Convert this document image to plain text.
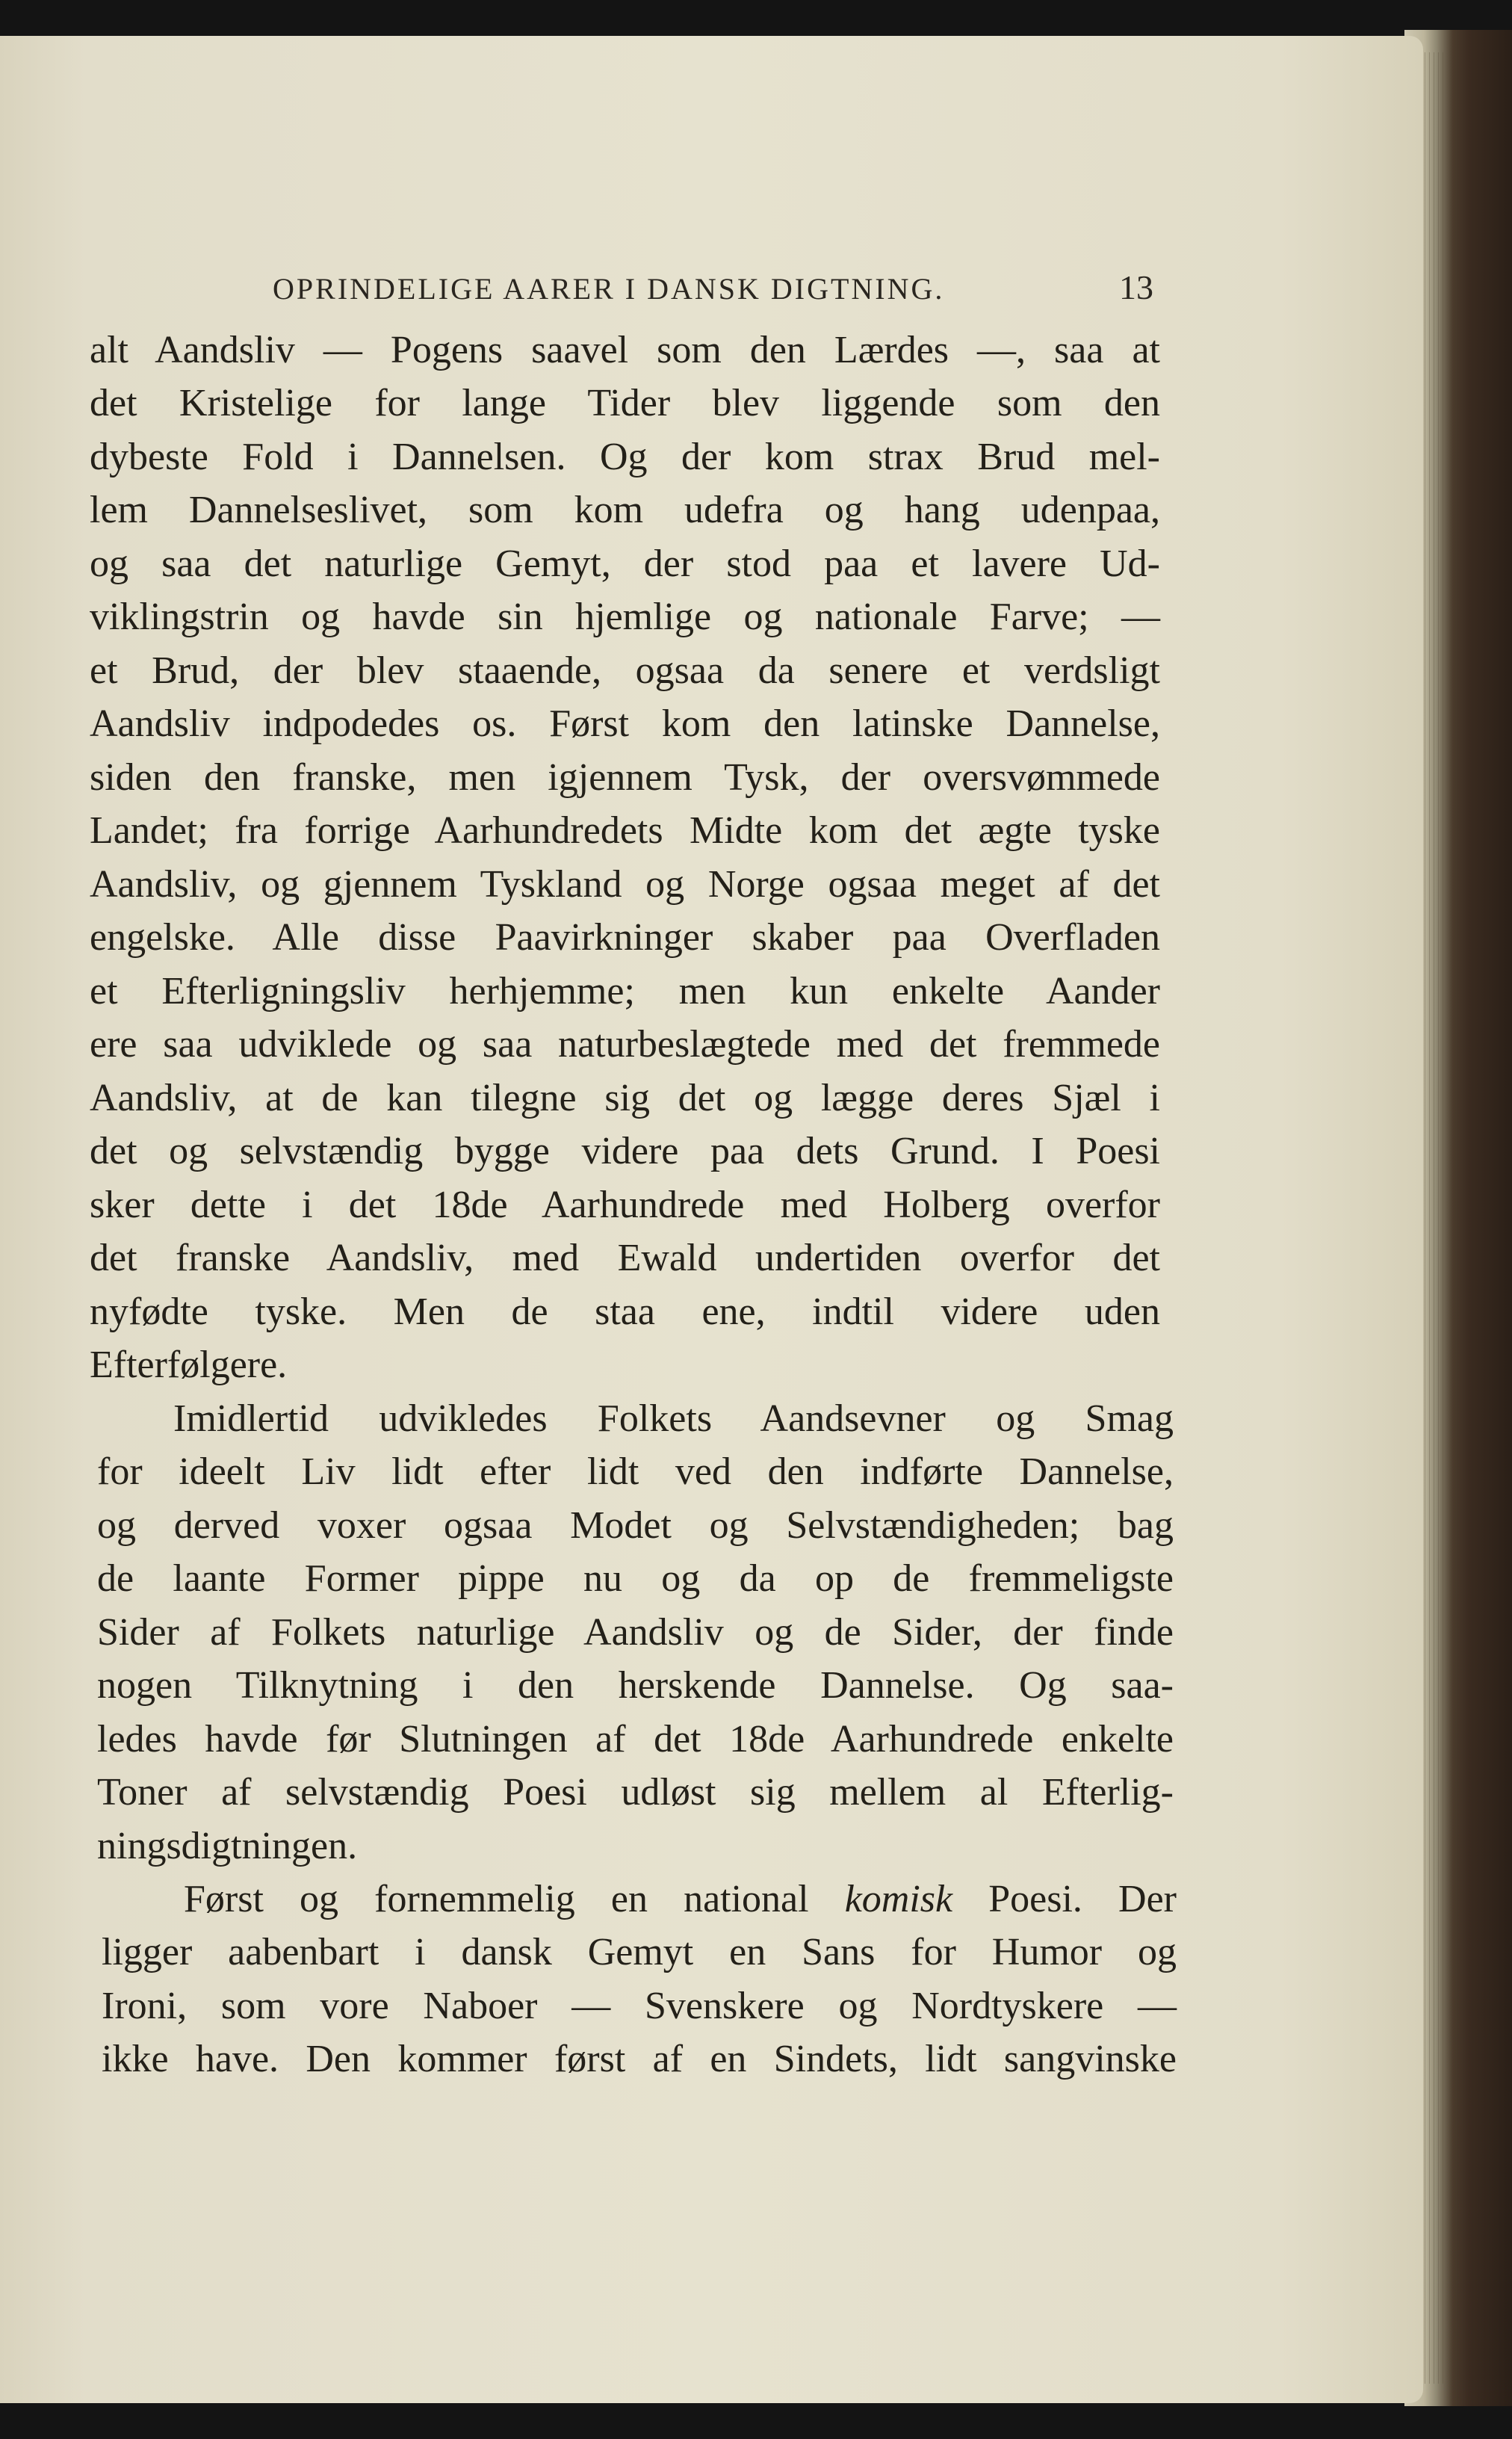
OPRINDELIGE AARER I DANSK DIGTNING.	13
alt Aandsliv — Pogens saavel som den Lærdes —, saa at
det Kristelige for lange Tider blev liggende som den
dybeste Fold i Dannelsen. Og der kom strax Brud mel-
lem Dannelseslivet, som kom udefra og hang udenpaa,
og saa det naturlige Gemyt, der stod paa et lavere Ud-
viklingstrin og havde sin hjemlige og nationale Farve; —
et Brud, der blev staaende, ogsaa da senere et verdsligt
Aandsliv indpodedes os. Først kom den latinske Dannelse,
siden den franske, men igjennem Tysk, der oversvømmede
Landet; fra forrige Aarhundredets Midte kom det ægte tyske
Aandsliv, og gjennem Tyskland og Norge ogsaa meget af det
engelske. Alle disse Paavirkninger skaber paa Overfladen
et Efterligningsliv herhjemme; men kun enkelte Aander
ere saa udviklede og saa naturbeslægtede med det fremmede
Aandsliv, at de kan tilegne sig det og lægge deres Sjæl i
det og selvstændig bygge videre paa dets Grund. I Poesi
sker dette i det 18de Aarhundrede med Holberg overfor
det franske Aandsliv, med Ewald undertiden overfor det
nyfødte tyske. Men de staa ene, indtil videre uden
Efterfølgere.
Imidlertid udvikledes Folkets Aandsevner og Smag
for ideelt Liv lidt efter lidt ved den indførte Dannelse,
og derved voxer ogsaa Modet og Selvstændigheden; bag
de laante Former pippe nu og da op de fremmeligste
Sider af Folkets naturlige Aandsliv og de Sider, der finde
nogen Tilknytning i den herskende Dannelse. Og saa-
ledes havde før Slutningen af det 18de Aarhundrede enkelte
Toner af selvstændig Poesi udløst sig mellem al Efterlig-
ningsdigtningen.
Først og fornemmelig en national komisk Poesi. Der
ligger aabenbart i dansk Gemyt en Sans for Humor og
Ironi, som vore Naboer — Svenskere og Nordtyskere —
ikke have. Den kommer først af en Sindets, lidt sangvinske
